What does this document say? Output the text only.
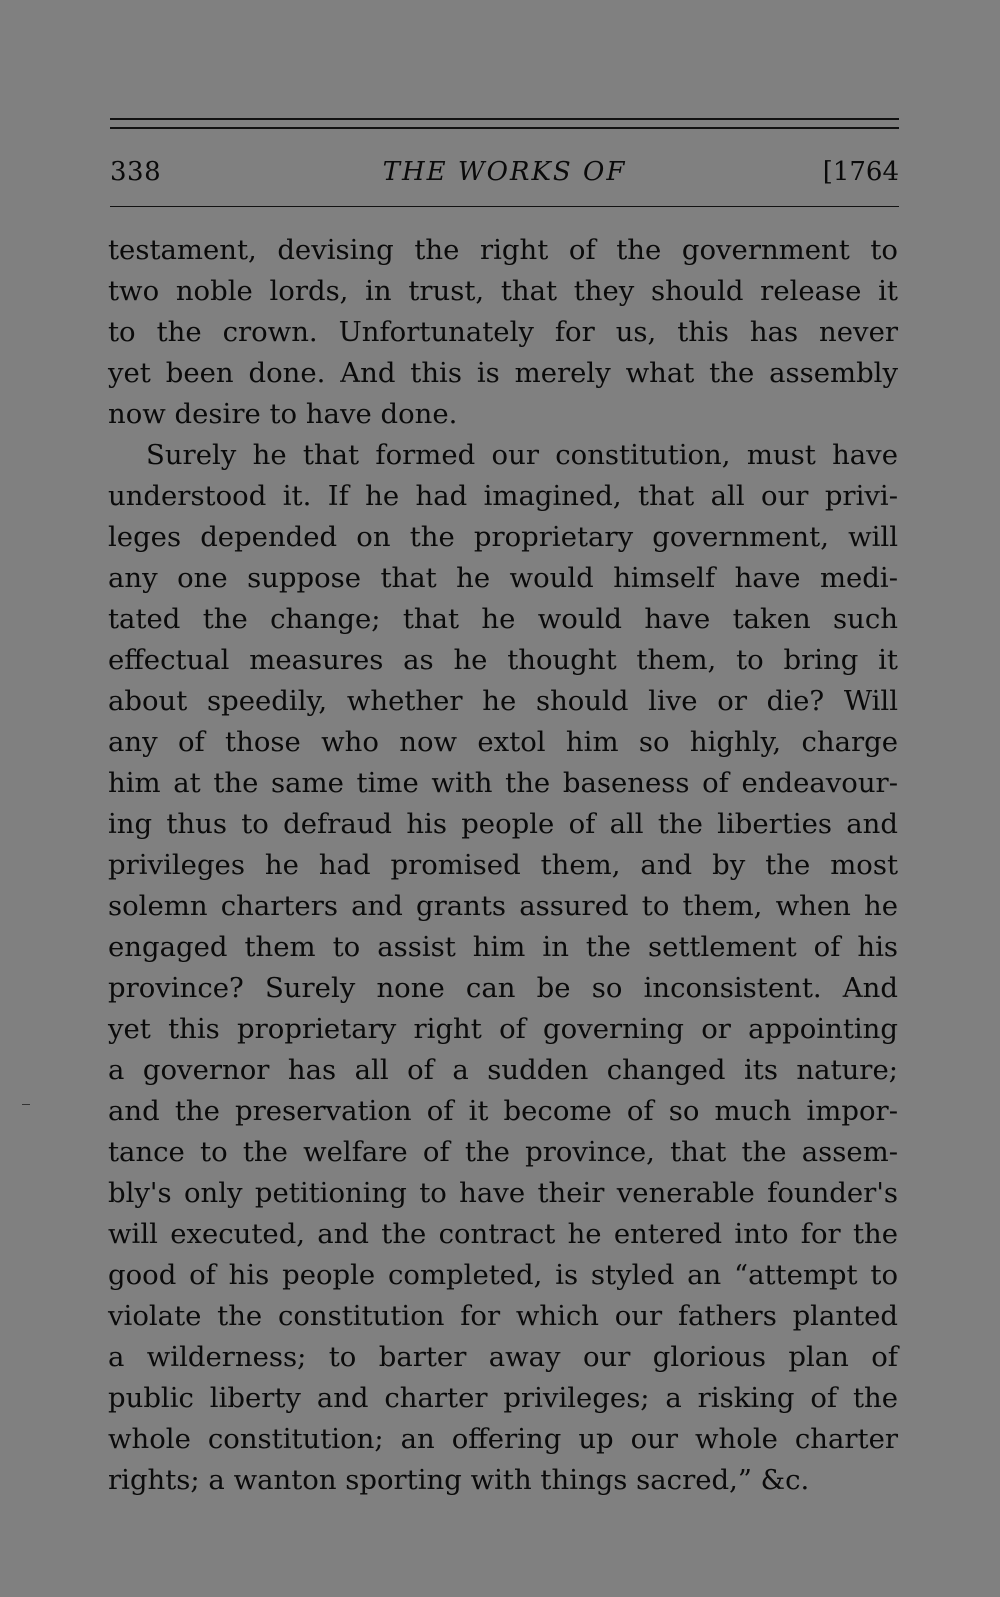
338	THE WORKS OF	[1764
testament, devising the right of the government to
two noble lords, in trust, that they should release it
to the crown. Unfortunately for us, this has never
yet been done. And this is merely what the assembly
now desire to have done.
Surely he that formed our constitution, must have
understood it. If he had imagined, that all our privi-
leges depended on the proprietary government, will
any one suppose that he would himself have medi-
tated the change; that he would have taken such
effectual measures as he thought them, to bring it
about speedily, whether he should live or die? Will
any of those who now extol him so highly, charge
him at the same time with the baseness of endeavour-
ing thus to defraud his people of all the liberties and
privileges he had promised them, and by the most
solemn charters and grants assured to them, when he
engaged them to assist him in the settlement of his
province? Surely none can be so inconsistent. And
yet this proprietary right of governing or appointing
a governor has all of a sudden changed its nature;
and the preservation of it become of so much impor-
tance to the welfare of the province, that the assem-
bly's only petitioning to have their venerable founder's
will executed, and the contract he entered into for the
good of his people completed, is styled an “attempt to
violate the constitution for which our fathers planted
a wilderness; to barter away our glorious plan of
public liberty and charter privileges; a risking of the
whole constitution; an offering up our whole charter
rights; a wanton sporting with things sacred,” &c.
